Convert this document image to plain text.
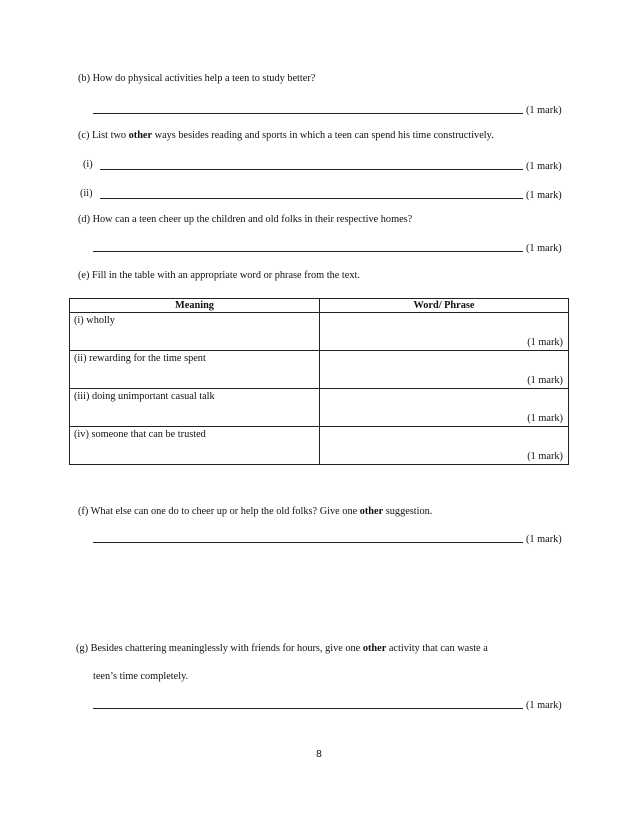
(b) How do physical activities help a teen to study better?
(1 mark)
(c) List two other ways besides reading and sports in which a teen can spend his time constructively.
(i)	(1 mark)
(ii)	(1 mark)
(d) How can a teen cheer up the children and old folks in their respective homes?
(1 mark)
(e) Fill in the table with an appropriate word or phrase from the text.
Meaning	Word/ Phrase
(i) wholly	(1 mark)

(ii) rewarding for the time spent	(1 mark)

(iii) doing unimportant casual talk	(1 mark)

(iv) someone that can be trusted	(1 mark)
(f) What else can one do to cheer up or help the old folks? Give one other suggestion.
(1 mark)
(g) Besides chattering meaninglessly with friends for hours, give one other activity that can waste a
teen’s time completely.
(1 mark)
8
